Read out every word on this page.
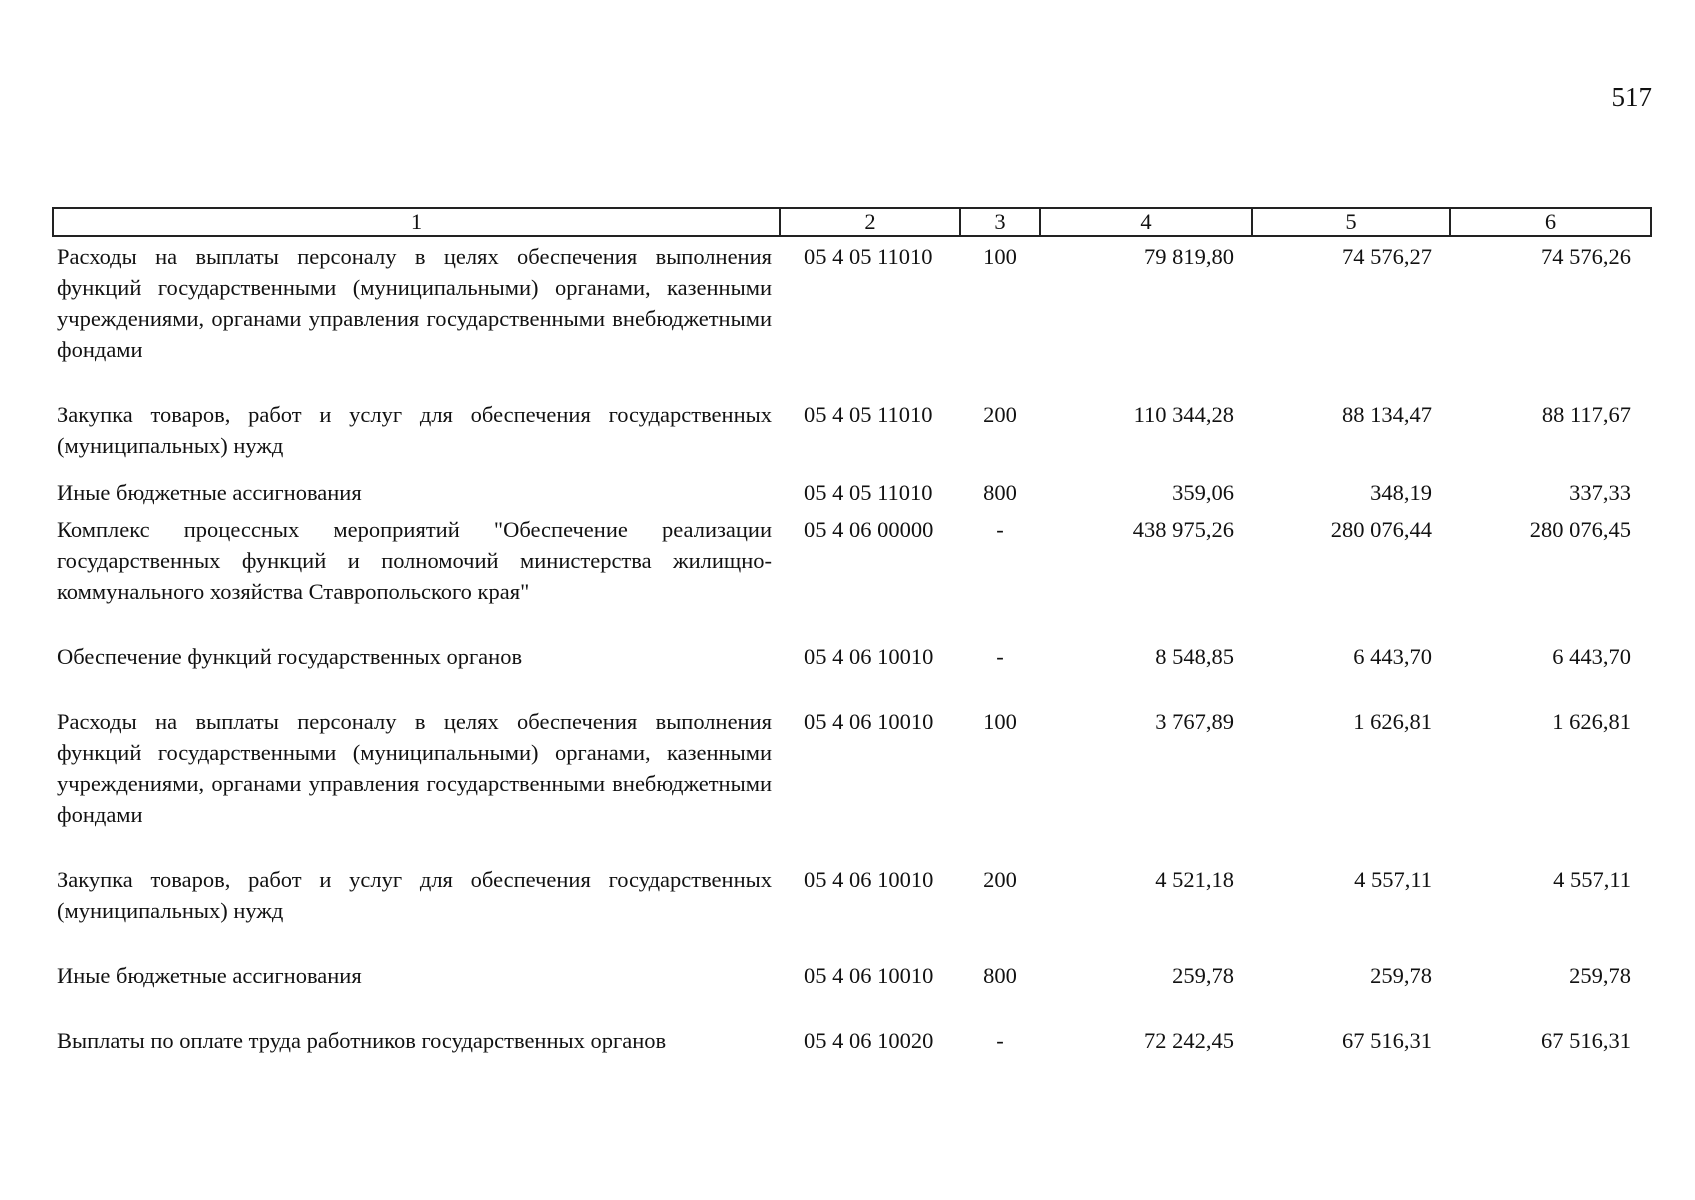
517
1	2	3	4	5	6
Расходы на выплаты персоналу в целях обеспечения выполнения функций государственными (муниципальными) органами, казенными учреждениями, органами управления государственными внебюджетными фондами	05 4 05 11010	100	79 819,80	74 576,27	74 576,26
Закупка товаров, работ и услуг для обеспечения государственных (муниципальных) нужд	05 4 05 11010	200	110 344,28	88 134,47	88 117,67
Иные бюджетные ассигнования	05 4 05 11010	800	359,06	348,19	337,33
Комплекс процессных мероприятий "Обеспечение реализации государственных функций и полномочий министерства жилищно-коммунального хозяйства Ставропольского края"	05 4 06 00000	-	438 975,26	280 076,44	280 076,45
Обеспечение функций государственных органов	05 4 06 10010	-	8 548,85	6 443,70	6 443,70
Расходы на выплаты персоналу в целях обеспечения выполнения функций государственными (муниципальными) органами, казенными учреждениями, органами управления государственными внебюджетными фондами	05 4 06 10010	100	3 767,89	1 626,81	1 626,81
Закупка товаров, работ и услуг для обеспечения государственных (муниципальных) нужд	05 4 06 10010	200	4 521,18	4 557,11	4 557,11
Иные бюджетные ассигнования	05 4 06 10010	800	259,78	259,78	259,78
Выплаты по оплате труда работников государственных органов	05 4 06 10020	-	72 242,45	67 516,31	67 516,31
